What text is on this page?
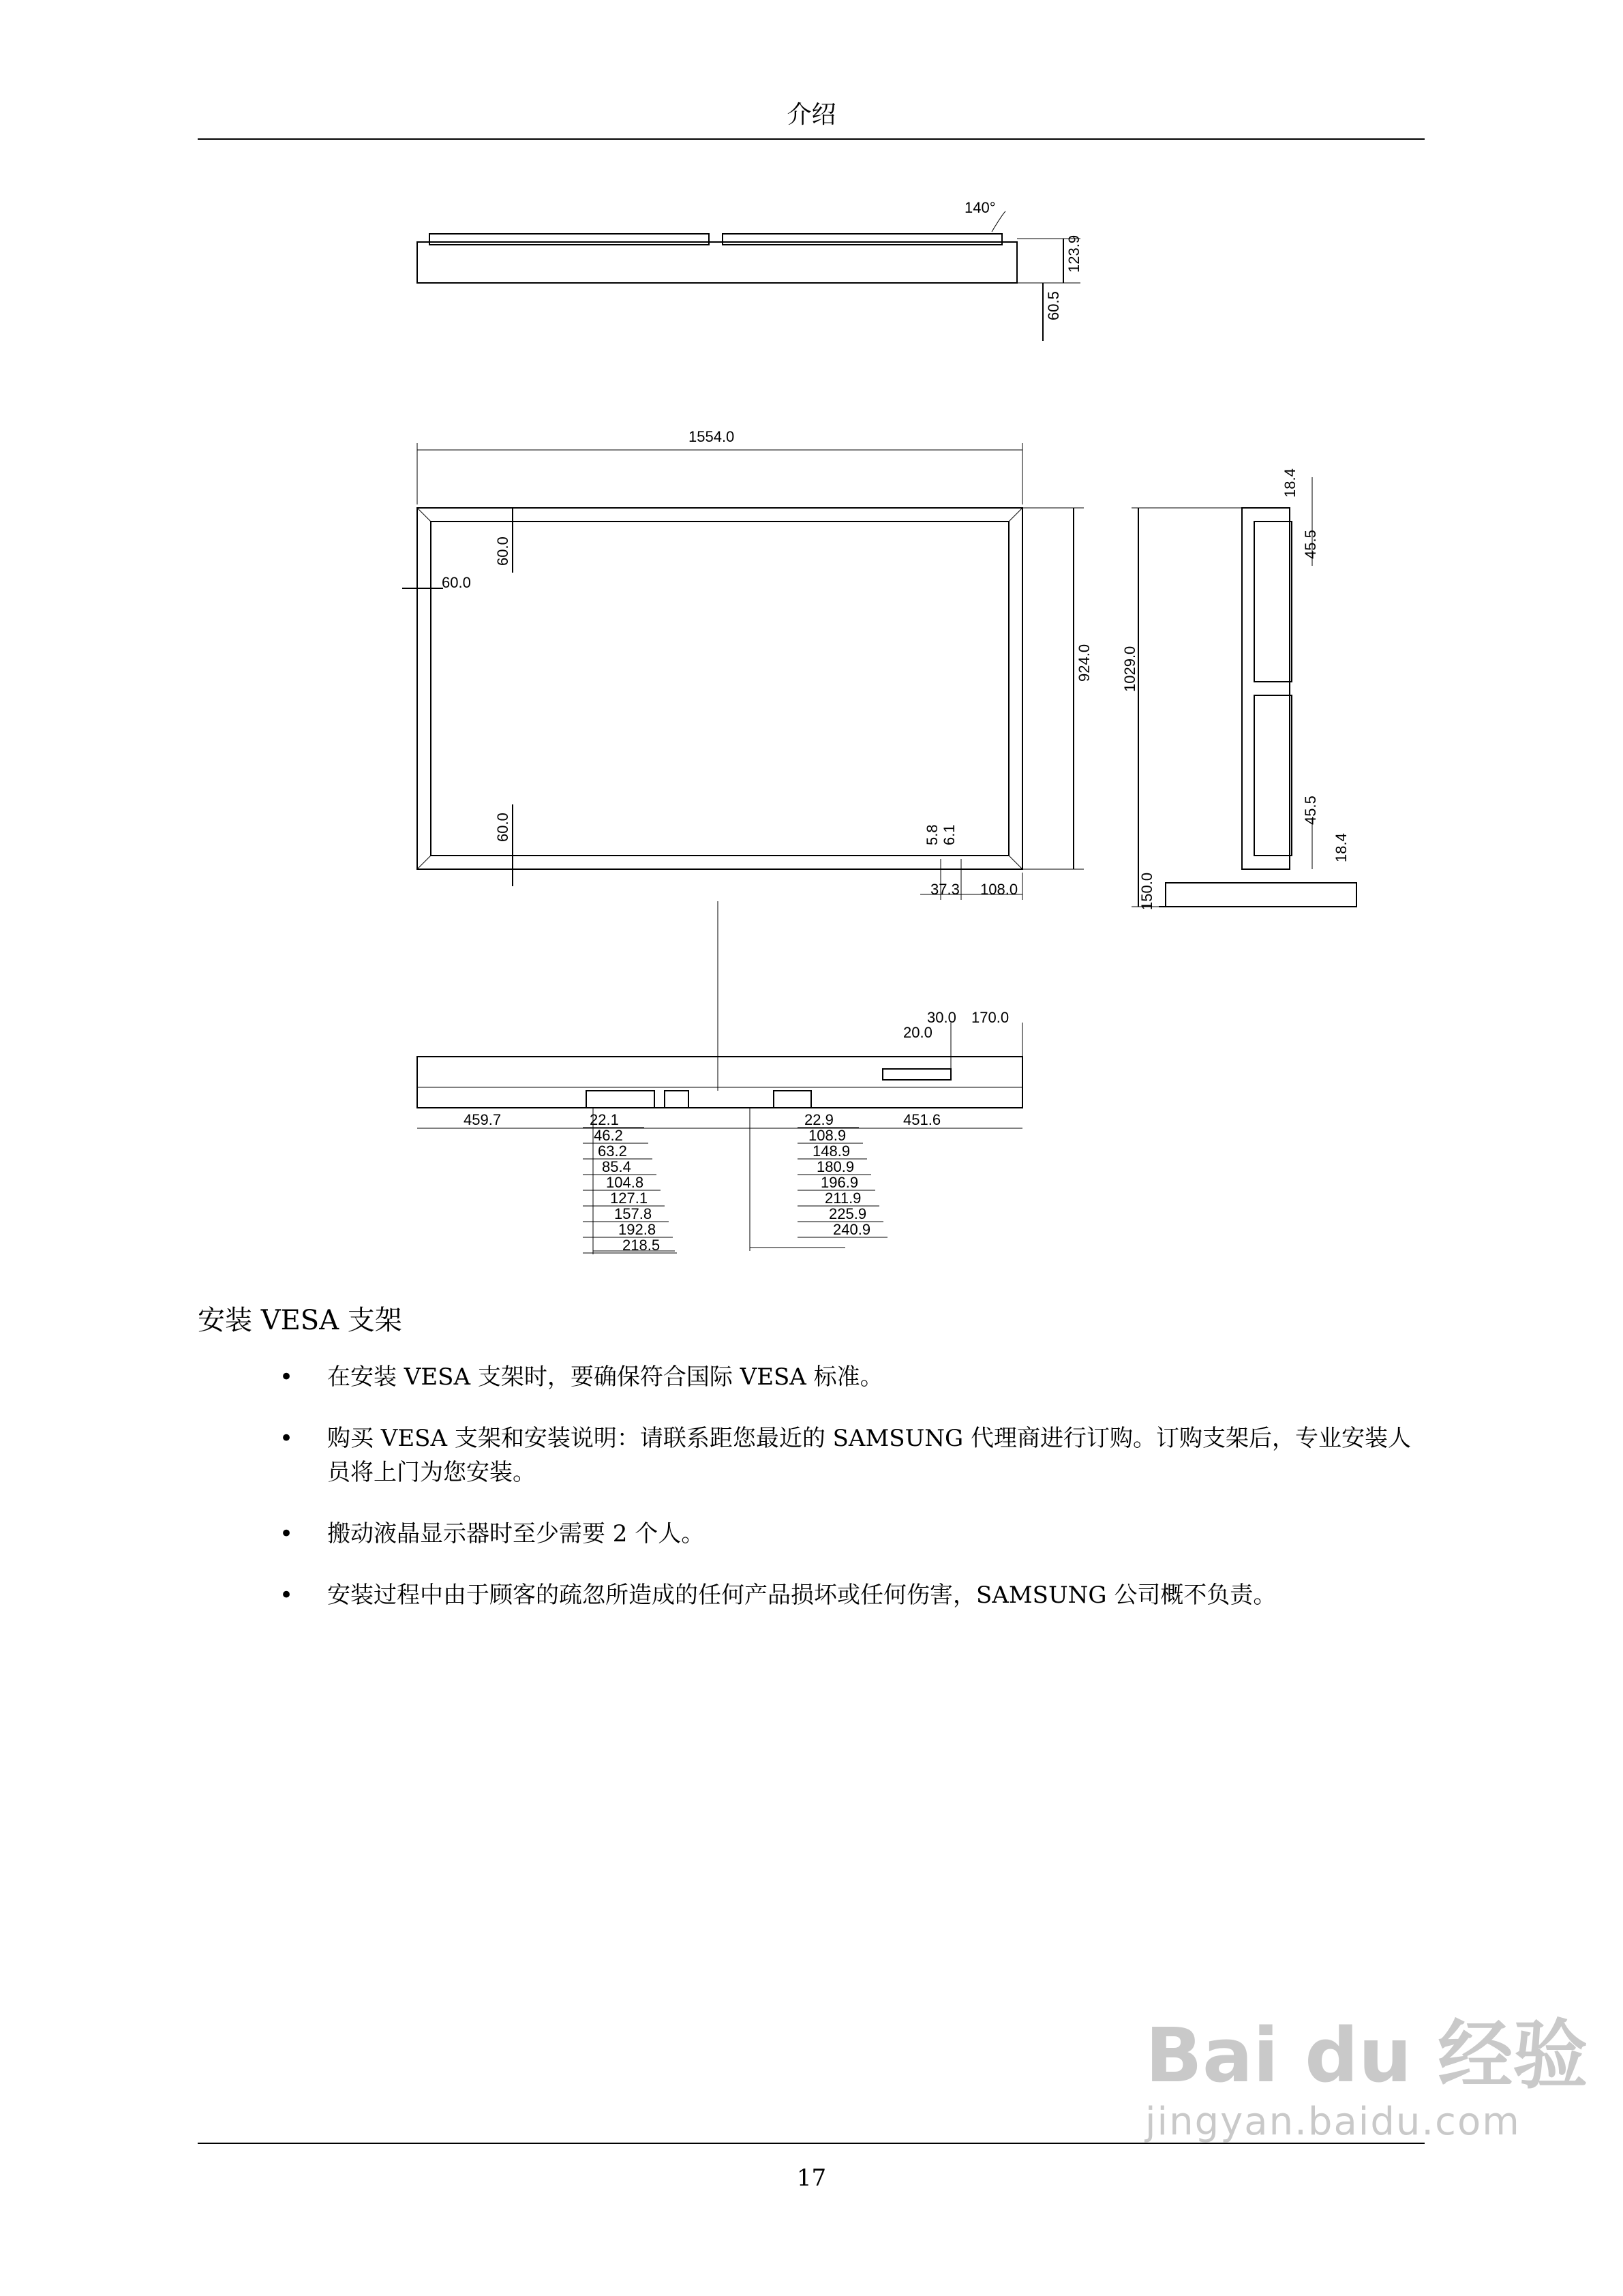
介绍
140°
123.9
60.5
1554.0
924.0
60.0
60.0
60.0	5.8 6.1
37.3 108.0
1029.0
18.4
45.5
45.5
18.4
150.0
30.0 170.0
20.0
459.7	451.6
22.1
46.2
63.2
85.4
104.8
127.1
157.8
192.8
218.5
22.9
108.9
148.9
180.9
196.9
211.9
225.9
240.9
安装 VESA 支架
• 在安装 VESA 支架时，要确保符合国际 VESA 标准。
• 购买 VESA 支架和安装说明：请联系距您最近的 SAMSUNG 代理商进行订购。订购支架后，专业安装人员将上门为您安装。
• 搬动液晶显示器时至少需要 2 个人。
• 安装过程中由于顾客的疏忽所造成的任何产品损坏或任何伤害，SAMSUNG 公司概不负责。
17
Bai du 经验
jingyan.baidu.com
